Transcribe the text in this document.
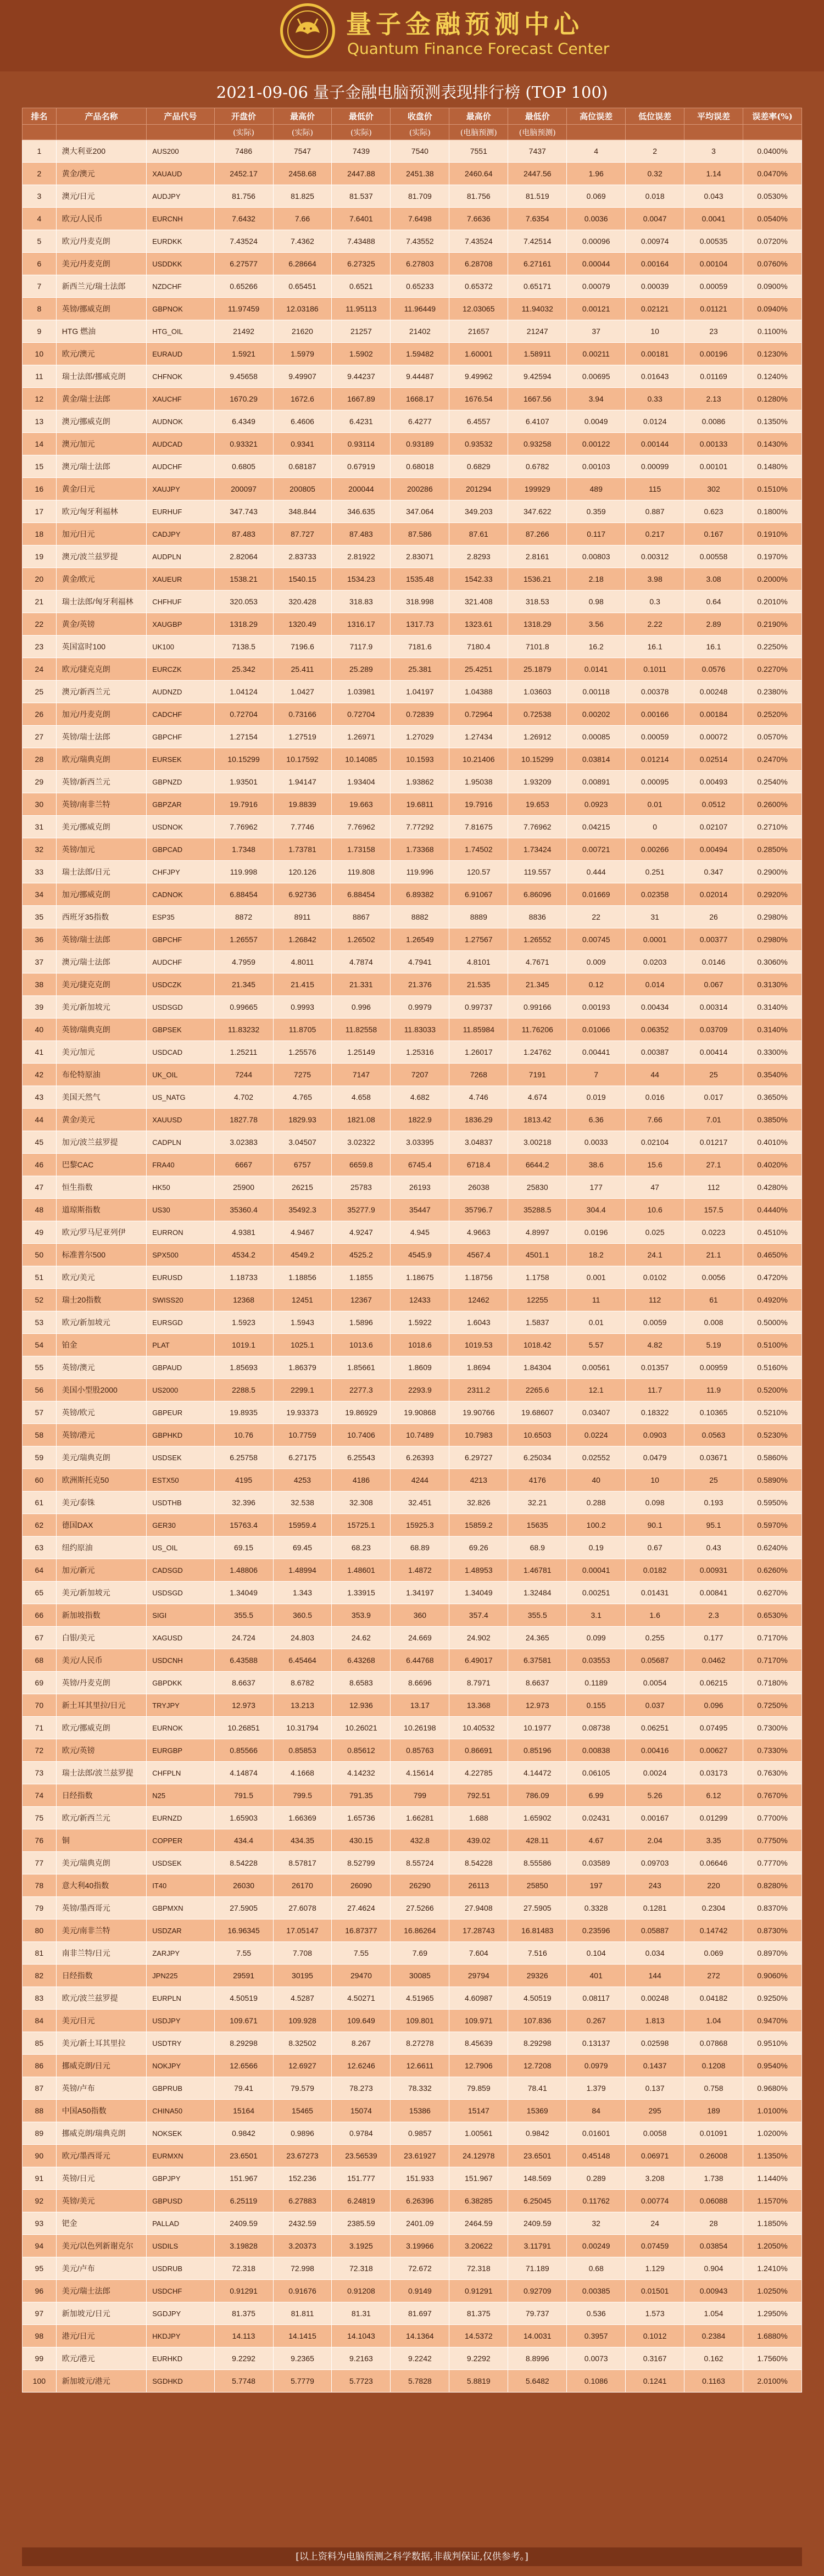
量子金融预测中心
Quantum Finance Forecast Center
2021-09-06 量子金融电脑预测表现排行榜 (TOP 100)
排名	产品名称	产品代号	开盘价	最高价	最低价	收盘价	最高价	最低价	高位误差	低位误差	平均误差	误差率(%)
			(实际)	(实际)	(实际)	(实际)	(电脑预测)	(电脑预测)				
1	澳大利亚200	AUS200	7486	7547	7439	7540	7551	7437	4	2	3	0.0400%
2	黄金/澳元	XAUAUD	2452.17	2458.68	2447.88	2451.38	2460.64	2447.56	1.96	0.32	1.14	0.0470%
3	澳元/日元	AUDJPY	81.756	81.825	81.537	81.709	81.756	81.519	0.069	0.018	0.043	0.0530%
4	欧元/人民币	EURCNH	7.6432	7.66	7.6401	7.6498	7.6636	7.6354	0.0036	0.0047	0.0041	0.0540%
5	欧元/丹麦克朗	EURDKK	7.43524	7.4362	7.43488	7.43552	7.43524	7.42514	0.00096	0.00974	0.00535	0.0720%
6	美元/丹麦克朗	USDDKK	6.27577	6.28664	6.27325	6.27803	6.28708	6.27161	0.00044	0.00164	0.00104	0.0760%
7	新西兰元/瑞士法郎	NZDCHF	0.65266	0.65451	0.6521	0.65233	0.65372	0.65171	0.00079	0.00039	0.00059	0.0900%
8	英镑/挪威克朗	GBPNOK	11.97459	12.03186	11.95113	11.96449	12.03065	11.94032	0.00121	0.02121	0.01121	0.0940%
9	HTG 燃油	HTG_OIL	21492	21620	21257	21402	21657	21247	37	10	23	0.1100%
10	欧元/澳元	EURAUD	1.5921	1.5979	1.5902	1.59482	1.60001	1.58911	0.00211	0.00181	0.00196	0.1230%
11	瑞士法郎/挪威克朗	CHFNOK	9.45658	9.49907	9.44237	9.44487	9.49962	9.42594	0.00695	0.01643	0.01169	0.1240%
12	黄金/瑞士法郎	XAUCHF	1670.29	1672.6	1667.89	1668.17	1676.54	1667.56	3.94	0.33	2.13	0.1280%
13	澳元/挪威克朗	AUDNOK	6.4349	6.4606	6.4231	6.4277	6.4557	6.4107	0.0049	0.0124	0.0086	0.1350%
14	澳元/加元	AUDCAD	0.93321	0.9341	0.93114	0.93189	0.93532	0.93258	0.00122	0.00144	0.00133	0.1430%
15	澳元/瑞士法郎	AUDCHF	0.6805	0.68187	0.67919	0.68018	0.6829	0.6782	0.00103	0.00099	0.00101	0.1480%
16	黄金/日元	XAUJPY	200097	200805	200044	200286	201294	199929	489	115	302	0.1510%
17	欧元/匈牙利福林	EURHUF	347.743	348.844	346.635	347.064	349.203	347.622	0.359	0.887	0.623	0.1800%
18	加元/日元	CADJPY	87.483	87.727	87.483	87.586	87.61	87.266	0.117	0.217	0.167	0.1910%
19	澳元/波兰兹罗提	AUDPLN	2.82064	2.83733	2.81922	2.83071	2.8293	2.8161	0.00803	0.00312	0.00558	0.1970%
20	黄金/欧元	XAUEUR	1538.21	1540.15	1534.23	1535.48	1542.33	1536.21	2.18	3.98	3.08	0.2000%
21	瑞士法郎/匈牙利福林	CHFHUF	320.053	320.428	318.83	318.998	321.408	318.53	0.98	0.3	0.64	0.2010%
22	黄金/英镑	XAUGBP	1318.29	1320.49	1316.17	1317.73	1323.61	1318.29	3.56	2.22	2.89	0.2190%
23	英国富时100	UK100	7138.5	7196.6	7117.9	7181.6	7180.4	7101.8	16.2	16.1	16.1	0.2250%
24	欧元/捷克克朗	EURCZK	25.342	25.411	25.289	25.381	25.4251	25.1879	0.0141	0.1011	0.0576	0.2270%
25	澳元/新西兰元	AUDNZD	1.04124	1.0427	1.03981	1.04197	1.04388	1.03603	0.00118	0.00378	0.00248	0.2380%
26	加元/丹麦克朗	CADCHF	0.72704	0.73166	0.72704	0.72839	0.72964	0.72538	0.00202	0.00166	0.00184	0.2520%
27	英镑/瑞士法郎	GBPCHF	1.27154	1.27519	1.26971	1.27029	1.27434	1.26912	0.00085	0.00059	0.00072	0.0570%
28	欧元/瑞典克朗	EURSEK	10.15299	10.17592	10.14085	10.1593	10.21406	10.15299	0.03814	0.01214	0.02514	0.2470%
29	英镑/新西兰元	GBPNZD	1.93501	1.94147	1.93404	1.93862	1.95038	1.93209	0.00891	0.00095	0.00493	0.2540%
30	英镑/南非兰特	GBPZAR	19.7916	19.8839	19.663	19.6811	19.7916	19.653	0.0923	0.01	0.0512	0.2600%
31	美元/挪威克朗	USDNOK	7.76962	7.7746	7.76962	7.77292	7.81675	7.76962	0.04215	0	0.02107	0.2710%
32	英镑/加元	GBPCAD	1.7348	1.73781	1.73158	1.73368	1.74502	1.73424	0.00721	0.00266	0.00494	0.2850%
33	瑞士法郎/日元	CHFJPY	119.998	120.126	119.808	119.996	120.57	119.557	0.444	0.251	0.347	0.2900%
34	加元/挪威克朗	CADNOK	6.88454	6.92736	6.88454	6.89382	6.91067	6.86096	0.01669	0.02358	0.02014	0.2920%
35	西班牙35指数	ESP35	8872	8911	8867	8882	8889	8836	22	31	26	0.2980%
36	英镑/瑞士法郎	GBPCHF	1.26557	1.26842	1.26502	1.26549	1.27567	1.26552	0.00745	0.0001	0.00377	0.2980%
37	澳元/瑞士法郎	AUDCHF	4.7959	4.8011	4.7874	4.7941	4.8101	4.7671	0.009	0.0203	0.0146	0.3060%
38	美元/捷克克朗	USDCZK	21.345	21.415	21.331	21.376	21.535	21.345	0.12	0.014	0.067	0.3130%
39	美元/新加坡元	USDSGD	0.99665	0.9993	0.996	0.9979	0.99737	0.99166	0.00193	0.00434	0.00314	0.3140%
40	英镑/瑞典克朗	GBPSEK	11.83232	11.8705	11.82558	11.83033	11.85984	11.76206	0.01066	0.06352	0.03709	0.3140%
41	美元/加元	USDCAD	1.25211	1.25576	1.25149	1.25316	1.26017	1.24762	0.00441	0.00387	0.00414	0.3300%
42	布伦特原油	UK_OIL	7244	7275	7147	7207	7268	7191	7	44	25	0.3540%
43	美国天然气	US_NATG	4.702	4.765	4.658	4.682	4.746	4.674	0.019	0.016	0.017	0.3650%
44	黄金/美元	XAUUSD	1827.78	1829.93	1821.08	1822.9	1836.29	1813.42	6.36	7.66	7.01	0.3850%
45	加元/波兰兹罗提	CADPLN	3.02383	3.04507	3.02322	3.03395	3.04837	3.00218	0.0033	0.02104	0.01217	0.4010%
46	巴黎CAC	FRA40	6667	6757	6659.8	6745.4	6718.4	6644.2	38.6	15.6	27.1	0.4020%
47	恒生指数	HK50	25900	26215	25783	26193	26038	25830	177	47	112	0.4280%
48	道琼斯指数	US30	35360.4	35492.3	35277.9	35447	35796.7	35288.5	304.4	10.6	157.5	0.4440%
49	欧元/罗马尼亚列伊	EURRON	4.9381	4.9467	4.9247	4.945	4.9663	4.8997	0.0196	0.025	0.0223	0.4510%
50	标准普尔500	SPX500	4534.2	4549.2	4525.2	4545.9	4567.4	4501.1	18.2	24.1	21.1	0.4650%
51	欧元/美元	EURUSD	1.18733	1.18856	1.1855	1.18675	1.18756	1.1758	0.001	0.0102	0.0056	0.4720%
52	瑞士20指数	SWISS20	12368	12451	12367	12433	12462	12255	11	112	61	0.4920%
53	欧元/新加坡元	EURSGD	1.5923	1.5943	1.5896	1.5922	1.6043	1.5837	0.01	0.0059	0.008	0.5000%
54	铂金	PLAT	1019.1	1025.1	1013.6	1018.6	1019.53	1018.42	5.57	4.82	5.19	0.5100%
55	英镑/澳元	GBPAUD	1.85693	1.86379	1.85661	1.8609	1.8694	1.84304	0.00561	0.01357	0.00959	0.5160%
56	美国小型股2000	US2000	2288.5	2299.1	2277.3	2293.9	2311.2	2265.6	12.1	11.7	11.9	0.5200%
57	英镑/欧元	GBPEUR	19.8935	19.93373	19.86929	19.90868	19.90766	19.68607	0.03407	0.18322	0.10365	0.5210%
58	英镑/港元	GBPHKD	10.76	10.7759	10.7406	10.7489	10.7983	10.6503	0.0224	0.0903	0.0563	0.5230%
59	美元/瑞典克朗	USDSEK	6.25758	6.27175	6.25543	6.26393	6.29727	6.25034	0.02552	0.0479	0.03671	0.5860%
60	欧洲斯托克50	ESTX50	4195	4253	4186	4244	4213	4176	40	10	25	0.5890%
61	美元/泰铢	USDTHB	32.396	32.538	32.308	32.451	32.826	32.21	0.288	0.098	0.193	0.5950%
62	德国DAX	GER30	15763.4	15959.4	15725.1	15925.3	15859.2	15635	100.2	90.1	95.1	0.5970%
63	纽约原油	US_OIL	69.15	69.45	68.23	68.89	69.26	68.9	0.19	0.67	0.43	0.6240%
64	加元/新元	CADSGD	1.48806	1.48994	1.48601	1.4872	1.48953	1.46781	0.00041	0.0182	0.00931	0.6260%
65	美元/新加坡元	USDSGD	1.34049	1.343	1.33915	1.34197	1.34049	1.32484	0.00251	0.01431	0.00841	0.6270%
66	新加坡指数	SIGI	355.5	360.5	353.9	360	357.4	355.5	3.1	1.6	2.3	0.6530%
67	白银/美元	XAGUSD	24.724	24.803	24.62	24.669	24.902	24.365	0.099	0.255	0.177	0.7170%
68	美元/人民币	USDCNH	6.43588	6.45464	6.43268	6.44768	6.49017	6.37581	0.03553	0.05687	0.0462	0.7170%
69	英镑/丹麦克朗	GBPDKK	8.6637	8.6782	8.6583	8.6696	8.7971	8.6637	0.1189	0.0054	0.06215	0.7180%
70	新土耳其里拉/日元	TRYJPY	12.973	13.213	12.936	13.17	13.368	12.973	0.155	0.037	0.096	0.7250%
71	欧元/挪威克朗	EURNOK	10.26851	10.31794	10.26021	10.26198	10.40532	10.1977	0.08738	0.06251	0.07495	0.7300%
72	欧元/英镑	EURGBP	0.85566	0.85853	0.85612	0.85763	0.86691	0.85196	0.00838	0.00416	0.00627	0.7330%
73	瑞士法郎/波兰兹罗提	CHFPLN	4.14874	4.1668	4.14232	4.15614	4.22785	4.14472	0.06105	0.0024	0.03173	0.7630%
74	日经指数	N25	791.5	799.5	791.35	799	792.51	786.09	6.99	5.26	6.12	0.7670%
75	欧元/新西兰元	EURNZD	1.65903	1.66369	1.65736	1.66281	1.688	1.65902	0.02431	0.00167	0.01299	0.7700%
76	铜	COPPER	434.4	434.35	430.15	432.8	439.02	428.11	4.67	2.04	3.35	0.7750%
77	美元/瑞典克朗	USDSEK	8.54228	8.57817	8.52799	8.55724	8.54228	8.55586	0.03589	0.09703	0.06646	0.7770%
78	意大利40指数	IT40	26030	26170	26090	26290	26113	25850	197	243	220	0.8280%
79	英镑/墨西哥元	GBPMXN	27.5905	27.6078	27.4624	27.5266	27.9408	27.5905	0.3328	0.1281	0.2304	0.8370%
80	美元/南非兰特	USDZAR	16.96345	17.05147	16.87377	16.86264	17.28743	16.81483	0.23596	0.05887	0.14742	0.8730%
81	南非兰特/日元	ZARJPY	7.55	7.708	7.55	7.69	7.604	7.516	0.104	0.034	0.069	0.8970%
82	日经指数	JPN225	29591	30195	29470	30085	29794	29326	401	144	272	0.9060%
83	欧元/波兰兹罗提	EURPLN	4.50519	4.5287	4.50271	4.51965	4.60987	4.50519	0.08117	0.00248	0.04182	0.9250%
84	美元/日元	USDJPY	109.671	109.928	109.649	109.801	109.971	107.836	0.267	1.813	1.04	0.9470%
85	美元/新土耳其里拉	USDTRY	8.29298	8.32502	8.267	8.27278	8.45639	8.29298	0.13137	0.02598	0.07868	0.9510%
86	挪威克朗/日元	NOKJPY	12.6566	12.6927	12.6246	12.6611	12.7906	12.7208	0.0979	0.1437	0.1208	0.9540%
87	英镑/卢布	GBPRUB	79.41	79.579	78.273	78.332	79.859	78.41	1.379	0.137	0.758	0.9680%
88	中国A50指数	CHINA50	15164	15465	15074	15386	15147	15369	84	295	189	1.0100%
89	挪威克朗/瑞典克朗	NOKSEK	0.9842	0.9896	0.9784	0.9857	1.00561	0.9842	0.01601	0.0058	0.01091	1.0200%
90	欧元/墨西哥元	EURMXN	23.6501	23.67273	23.56539	23.61927	24.12978	23.6501	0.45148	0.06971	0.26008	1.1350%
91	英镑/日元	GBPJPY	151.967	152.236	151.777	151.933	151.967	148.569	0.289	3.208	1.738	1.1440%
92	英镑/美元	GBPUSD	6.25119	6.27883	6.24819	6.26396	6.38285	6.25045	0.11762	0.00774	0.06088	1.1570%
93	钯金	PALLAD	2409.59	2432.59	2385.59	2401.09	2464.59	2409.59	32	24	28	1.1850%
94	美元/以色列新谢克尔	USDILS	3.19828	3.20373	3.1925	3.19966	3.20622	3.11791	0.00249	0.07459	0.03854	1.2050%
95	美元/卢布	USDRUB	72.318	72.998	72.318	72.672	72.318	71.189	0.68	1.129	0.904	1.2410%
96	美元/瑞士法郎	USDCHF	0.91291	0.91676	0.91208	0.9149	0.91291	0.92709	0.00385	0.01501	0.00943	1.0250%
97	新加坡元/日元	SGDJPY	81.375	81.811	81.31	81.697	81.375	79.737	0.536	1.573	1.054	1.2950%
98	港元/日元	HKDJPY	14.113	14.1415	14.1043	14.1364	14.5372	14.0031	0.3957	0.1012	0.2384	1.6880%
99	欧元/港元	EURHKD	9.2292	9.2365	9.2163	9.2242	9.2292	8.8996	0.0073	0.3167	0.162	1.7560%
100	新加坡元/港元	SGDHKD	5.7748	5.7779	5.7723	5.7828	5.8819	5.6482	0.1086	0.1241	0.1163	2.0100%
[以上资料为电脑预测之科学数据,非裁判保证,仅供参考。]
